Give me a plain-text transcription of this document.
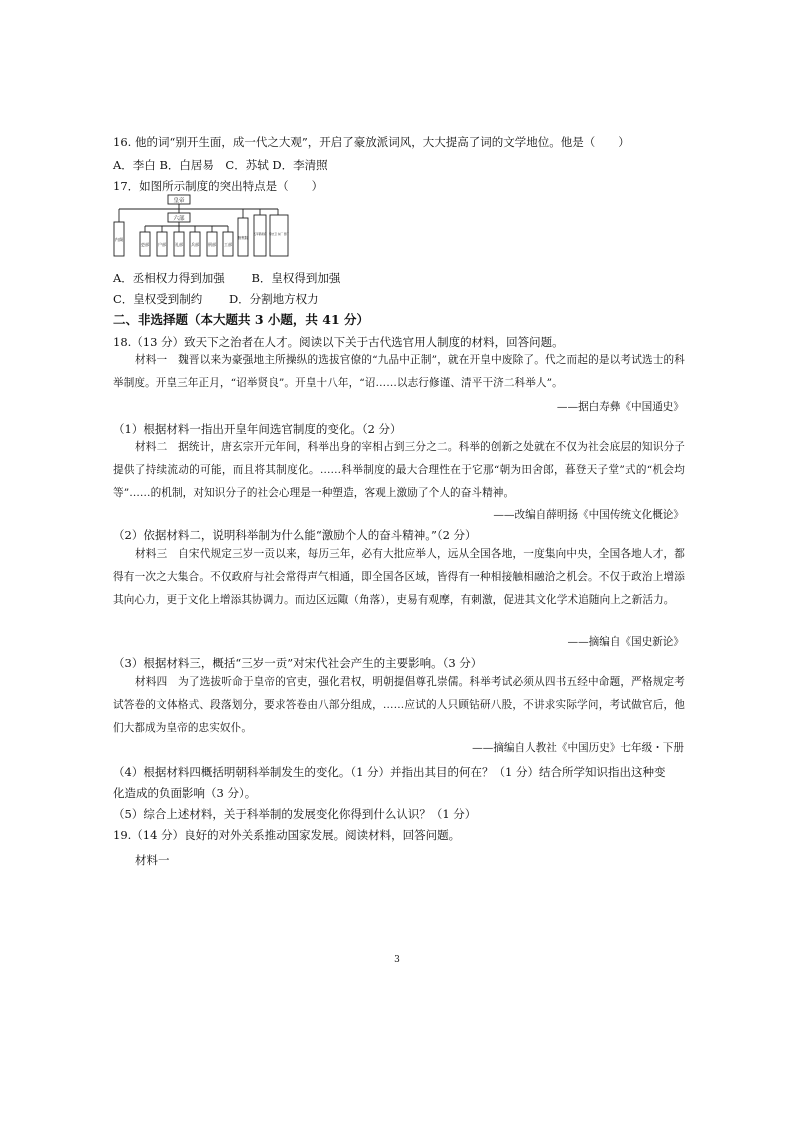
16. 他的词“别开生面，成一代之大观”，开启了豪放派词风，大大提高了词的文学地位。他是（　　）
A．李白 B．白居易　C．苏轼 D．李清照
17．如图所示制度的突出特点是（　　）
皇帝
六部
内阁
吏部 户部 礼部 兵部 刑部 工部
督察院
五军都督府 锦衣卫 东厂 西厂
A．丞相权力得到加强　　 B．皇权得到加强
C．皇权受到制约　　 D．分割地方权力
二、非选择题（本大题共 3 小题，共 41 分）
18.（13 分）致天下之治者在人才。阅读以下关于古代选官用人制度的材料，回答问题。
材料一　魏晋以来为豪强地主所操纵的选拔官僚的“九品中正制”，就在开皇中废除了。代之而起的是以考试选士的科举制度。开皇三年正月，“诏举贤良”。开皇十八年，“诏……以志行修谨、清平干济二科举人”。
——据白寿彝《中国通史》
（1）根据材料一指出开皇年间选官制度的变化。（2 分）
材料二　据统计，唐玄宗开元年间，科举出身的宰相占到三分之二。科举的创新之处就在不仅为社会底层的知识分子提供了持续流动的可能，而且将其制度化。……科举制度的最大合理性在于它那“朝为田舍郎，暮登天子堂”式的“机会均等”……的机制，对知识分子的社会心理是一种塑造，客观上激励了个人的奋斗精神。
——改编自薛明扬《中国传统文化概论》
（2）依据材料二，说明科举制为什么能“激励个人的奋斗精神。”（2 分）
材料三　自宋代规定三岁一贡以来，每历三年，必有大批应举人，远从全国各地，一度集向中央，全国各地人才，都得有一次之大集合。不仅政府与社会常得声气相通，即全国各区域，皆得有一种相接触相融洽之机会。不仅于政治上增添其向心力，更于文化上增添其协调力。而边区远陬（角落），吏易有观摩，有刺激，促进其文化学术追随向上之新活力。
——摘编自《国史新论》
（3）根据材料三，概括“三岁一贡”对宋代社会产生的主要影响。（3 分）
材料四　为了选拔听命于皇帝的官吏，强化君权，明朝提倡尊孔崇儒。科举考试必须从四书五经中命题，严格规定考试答卷的文体格式、段落划分，要求答卷由八部分组成，……应试的人只顾钻研八股，不讲求实际学问，考试做官后，他们大都成为皇帝的忠实奴仆。
——摘编自人教社《中国历史》七年级・下册
（4）根据材料四概括明朝科举制发生的变化。（1 分）并指出其目的何在？（1 分）结合所学知识指出这种变
化造成的负面影响（3 分）。
（5）综合上述材料，关于科举制的发展变化你得到什么认识？（1 分）
19.（14 分）良好的对外关系推动国家发展。阅读材料，回答问题。
材料一
3
